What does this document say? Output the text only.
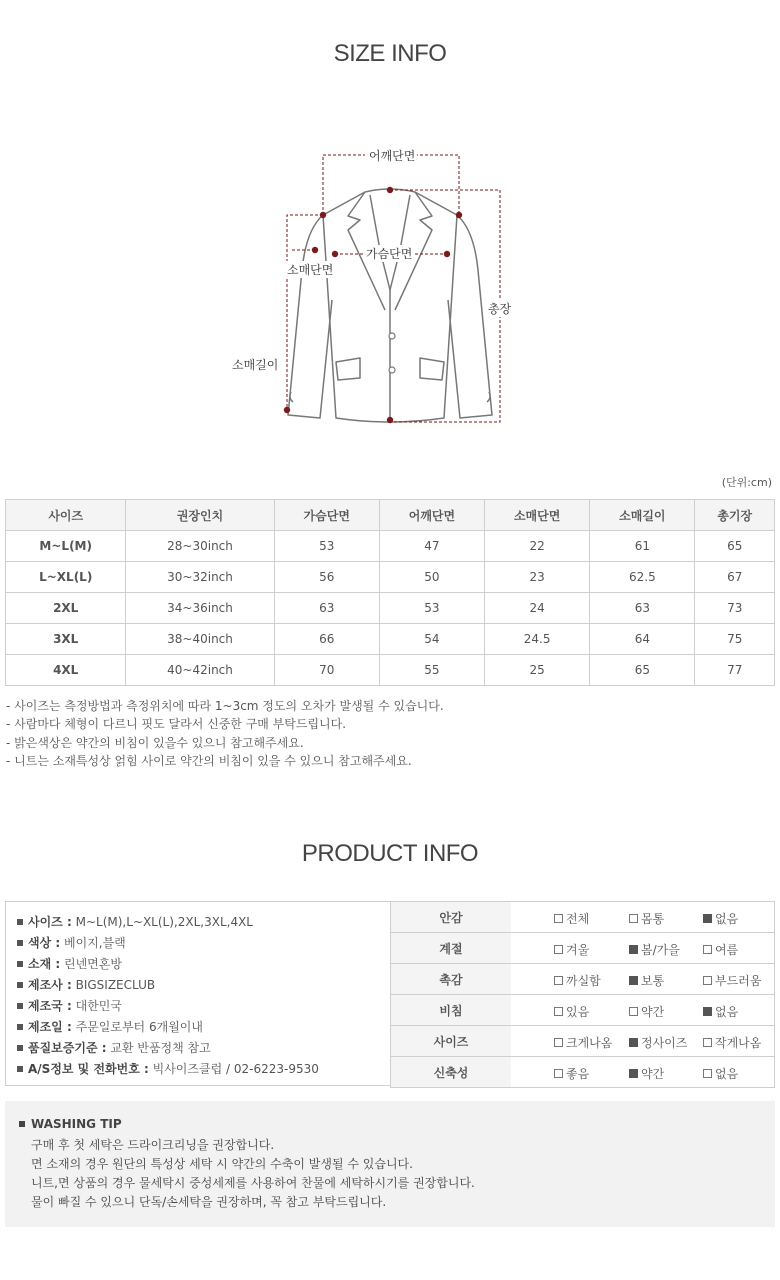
SIZE INFO
어깨단면
가슴단면
소매단면
총장
소매길이
(단위:cm)
사이즈	권장인치	가슴단면	어깨단면	소매단면	소매길이	총기장
M~L(M)	28~30inch	53	47	22	61	65
L~XL(L)	30~32inch	56	50	23	62.5	67
2XL	34~36inch	63	53	24	63	73
3XL	38~40inch	66	54	24.5	64	75
4XL	40~42inch	70	55	25	65	77
- 사이즈는 측정방법과 측정위치에 따라 1~3cm 정도의 오차가 발생될 수 있습니다.
- 사람마다 체형이 다르니 핏도 달라서 신중한 구매 부탁드립니다.
- 밝은색상은 약간의 비침이 있을수 있으니 참고해주세요.
- 니트는 소재특성상 얽힘 사이로 약간의 비침이 있을 수 있으니 참고해주세요.
PRODUCT INFO
사이즈 : M~L(M),L~XL(L),2XL,3XL,4XL
색상 : 베이지,블랙
소재 : 린넨면혼방
제조사 : BIGSIZECLUB
제조국 : 대한민국
제조일 : 주문일로부터 6개월이내
품질보증기준 : 교환 반품정책 참고
A/S정보 및 전화번호 : 빅사이즈클럽 / 02-6223-9530
안감	전체 몸통 없음

계절	겨울 봄/가을 여름

촉감	까실함 보통 부드러움

비침	있음 약간 없음

사이즈	크게나옴 정사이즈 작게나옴

신축성	좋음 약간 없음
WASHING TIP
구매 후 첫 세탁은 드라이크리닝을 권장합니다.
면 소재의 경우 원단의 특성상 세탁 시 약간의 수축이 발생될 수 있습니다.
니트,면 상품의 경우 물세탁시 중성세제를 사용하여 찬물에 세탁하시기를 권장합니다.
물이 빠질 수 있으니 단독/손세탁을 권장하며, 꼭 참고 부탁드립니다.
